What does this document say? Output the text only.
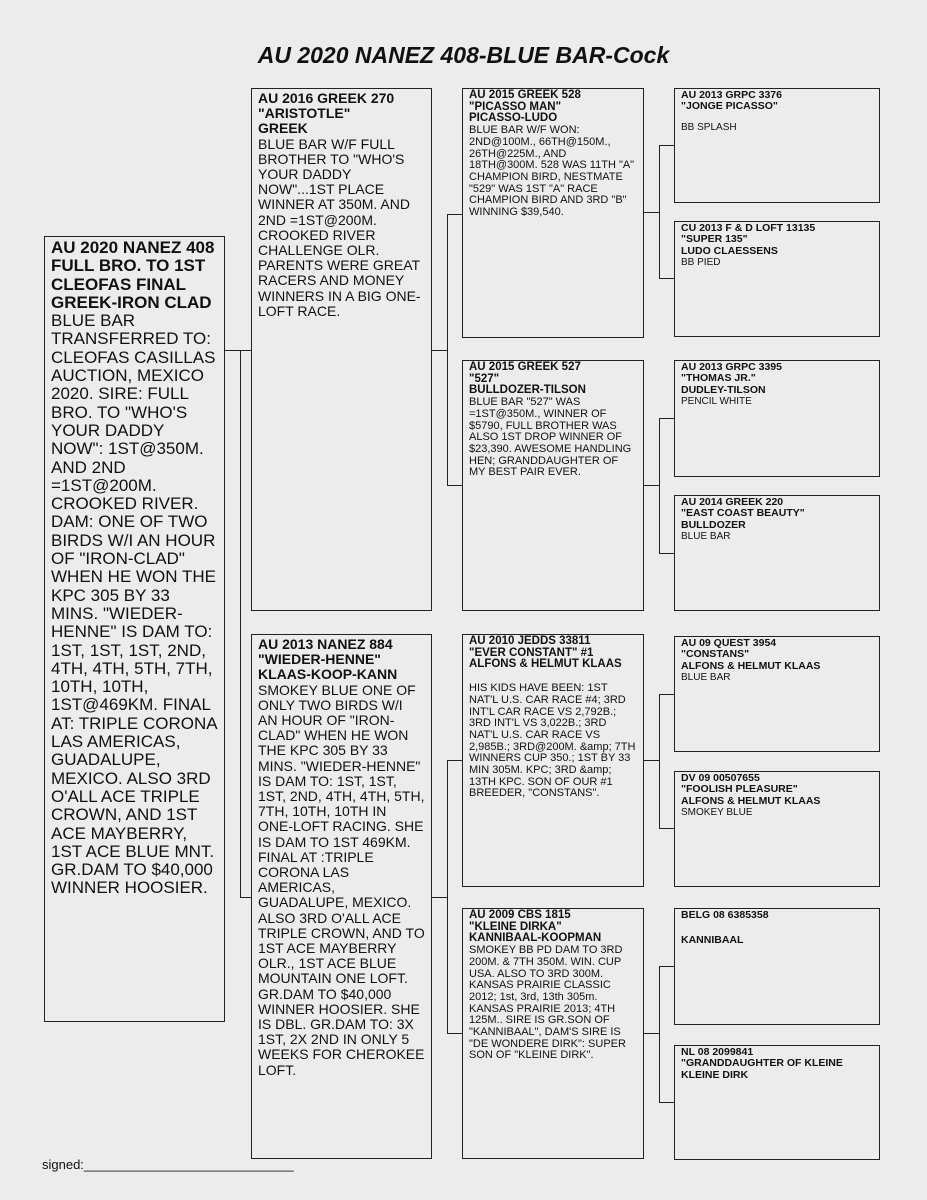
AU 2020 NANEZ 408-BLUE BAR-Cock
AU 2020 NANEZ 408
FULL BRO. TO 1ST CLEOFAS FINAL GREEK-IRON CLAD
BLUE BAR TRANSFERRED TO: CLEOFAS CASILLAS AUCTION, MEXICO 2020. SIRE: FULL BRO. TO "WHO'S YOUR DADDY NOW": 1ST@350M. AND 2ND =1ST@200M. CROOKED RIVER. DAM: ONE OF TWO BIRDS W/I AN HOUR OF "IRON-CLAD" WHEN HE WON THE KPC 305 BY 33 MINS. "WIEDER-HENNE" IS DAM TO: 1ST, 1ST, 1ST, 2ND, 4TH, 4TH, 5TH, 7TH, 10TH, 10TH, 1ST@469KM. FINAL AT: TRIPLE CORONA LAS AMERICAS, GUADALUPE, MEXICO. ALSO 3RD O'ALL ACE TRIPLE CROWN, AND 1ST ACE MAYBERRY, 1ST ACE BLUE MNT. GR.DAM TO $40,000 WINNER HOOSIER.
AU 2016 GREEK 270
"ARISTOTLE"
GREEK
BLUE BAR W/F FULL BROTHER TO "WHO'S YOUR DADDY NOW"...1ST PLACE WINNER AT 350M. AND 2ND =1ST@200M. CROOKED RIVER CHALLENGE OLR. PARENTS WERE GREAT RACERS AND MONEY WINNERS IN A BIG ONE-LOFT RACE.
AU 2013 NANEZ 884
"WIEDER-HENNE"
KLAAS-KOOP-KANN
SMOKEY BLUE ONE OF ONLY TWO BIRDS W/I AN HOUR OF "IRON-CLAD" WHEN HE WON THE KPC 305 BY 33 MINS. "WIEDER-HENNE" IS DAM TO: 1ST, 1ST, 1ST, 2ND, 4TH, 4TH, 5TH, 7TH, 10TH, 10TH IN ONE-LOFT RACING. SHE IS DAM TO 1ST 469KM. FINAL AT :TRIPLE CORONA LAS AMERICAS, GUADALUPE, MEXICO. ALSO 3RD O'ALL ACE TRIPLE CROWN, AND TO 1ST ACE MAYBERRY OLR., 1ST ACE BLUE MOUNTAIN ONE LOFT. GR.DAM TO $40,000 WINNER HOOSIER. SHE IS DBL. GR.DAM TO: 3X 1ST, 2X 2ND IN ONLY 5 WEEKS FOR CHEROKEE LOFT.
AU 2015 GREEK 528
"PICASSO MAN"
PICASSO-LUDO
BLUE BAR W/F WON: 2ND@100M., 66TH@150M., 26TH@225M., AND 18TH@300M. 528 WAS 11TH "A" CHAMPION BIRD, NESTMATE "529" WAS 1ST "A" RACE CHAMPION BIRD AND 3RD "B" WINNING $39,540.
AU 2015 GREEK 527
"527"
BULLDOZER-TILSON
BLUE BAR "527" WAS =1ST@350M., WINNER OF $5790, FULL BROTHER WAS ALSO 1ST DROP WINNER OF $23,390. AWESOME HANDLING HEN; GRANDDAUGHTER OF MY BEST PAIR EVER.
AU 2010 JEDDS 33811
"EVER CONSTANT" #1
ALFONS & HELMUT KLAAS
HIS KIDS HAVE BEEN: 1ST NAT'L U.S. CAR RACE #4; 3RD INT'L CAR RACE VS 2,792B.; 3RD INT'L VS 3,022B.; 3RD NAT'L U.S. CAR RACE VS 2,985B.; 3RD@200M. &amp; 7TH WINNERS CUP 350.; 1ST BY 33 MIN 305M. KPC; 3RD &amp; 13TH KPC. SON OF OUR #1 BREEDER, "CONSTANS".
AU 2009 CBS 1815
"KLEINE DIRKA"
KANNIBAAL-KOOPMAN
SMOKEY BB PD DAM TO 3RD 200M. & 7TH 350M. WIN. CUP USA. ALSO TO 3RD 300M. KANSAS PRAIRIE CLASSIC 2012; 1st, 3rd, 13th 305m. KANSAS PRAIRIE 2013; 4TH 125M.. SIRE IS GR.SON OF "KANNIBAAL", DAM'S SIRE IS "DE WONDERE DIRK": SUPER SON OF "KLEINE DIRK".
AU 2013 GRPC 3376
"JONGE PICASSO"
BB SPLASH
CU 2013 F & D LOFT 13135
"SUPER 135"
LUDO CLAESSENS
BB PIED
AU 2013 GRPC 3395
"THOMAS JR."
DUDLEY-TILSON
PENCIL WHITE
AU 2014 GREEK 220
"EAST COAST BEAUTY"
BULLDOZER
BLUE BAR
AU 09 QUEST 3954
"CONSTANS"
ALFONS & HELMUT KLAAS
BLUE BAR
DV 09 00507655
"FOOLISH PLEASURE"
ALFONS & HELMUT KLAAS
SMOKEY BLUE
BELG 08 6385358
KANNIBAAL
NL 08 2099841
"GRANDDAUGHTER OF KLEINE
KLEINE DIRK
signed:_____________________________
